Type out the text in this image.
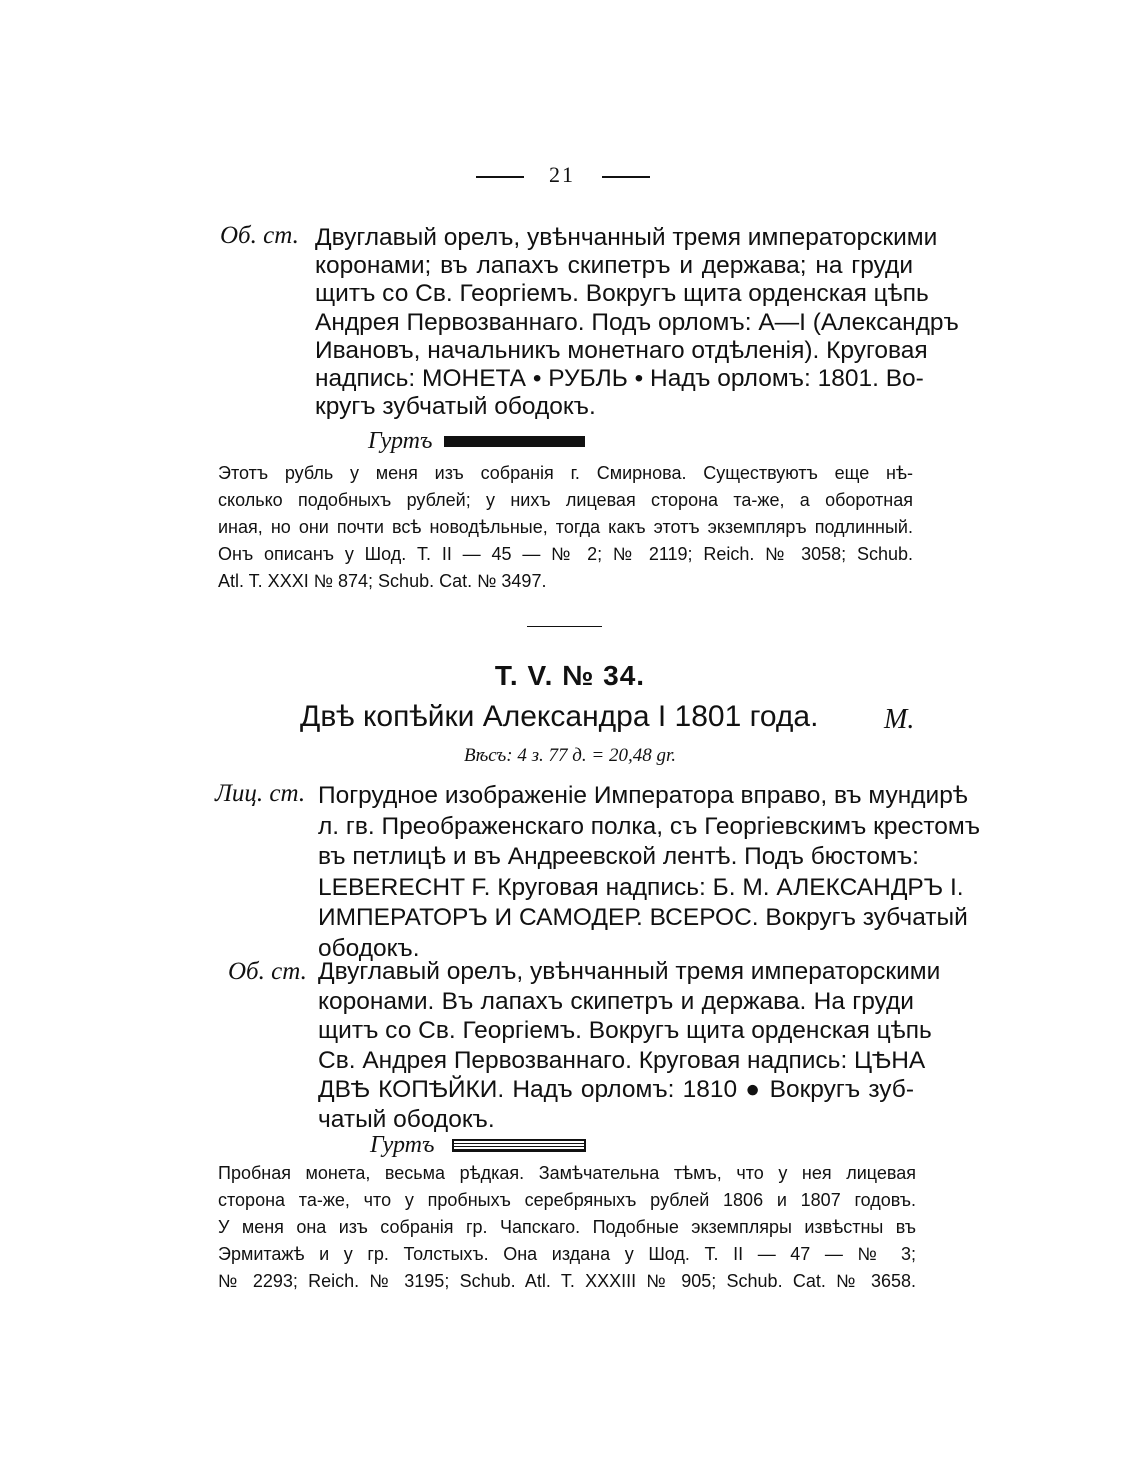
21
Об. ст. Двуглавый орелъ, увѣнчанный тремя императорскими
коронами; въ лапахъ скипетръ и держава; на груди
щитъ со Св. Георгіемъ. Вокругъ щита орденская цѣпь
Андрея Первозваннаго. Подъ орломъ: А—І (Александръ
Ивановъ, начальникъ монетнаго отдѣленія). Круговая
надпись: МОНЕТА • РУБЛЬ • Надъ орломъ: 1801. Во-
кругъ зубчатый ободокъ.
Гуртъ
Этотъ рубль у меня изъ собранія г. Смирнова. Существуютъ еще нѣ-
сколько подобныхъ рублей; у нихъ лицевая сторона та-же, а оборотная
иная, но они почти всѣ новодѣльные, тогда какъ этотъ экземпляръ подлинный.
Онъ описанъ у Шод. Т. II — 45 — № 2; № 2119; Reich. № 3058; Schub.
Atl. T. XXXI № 874; Schub. Cat. № 3497.
T. V. № 34.
Двѣ копѣйки Александра I 1801 года. М.
Вѣсъ: 4 з. 77 д. = 20,48 gr.
Лиц. ст. Погрудное изображеніе Императора вправо, въ мундирѣ
л. гв. Преображенскаго полка, съ Георгіевскимъ крестомъ
въ петлицѣ и въ Андреевской лентѣ. Подъ бюстомъ:
LEBERECHT F. Круговая надпись: Б. М. АЛЕКСАНДРЪ I.
ИМПЕРАТОРЪ И САМОДЕР. ВСЕРОС. Вокругъ зубчатый
ободокъ.
Об. ст. Двуглавый орелъ, увѣнчанный тремя императорскими
коронами. Въ лапахъ скипетръ и держава. На груди
щитъ со Св. Георгіемъ. Вокругъ щита орденская цѣпь
Св. Андрея Первозваннаго. Круговая надпись: ЦѢНА
ДВѢ КОПѢЙКИ. Надъ орломъ: 1810 ● Вокругъ зуб-
чатый ободокъ.
Гуртъ
Пробная монета, весьма рѣдкая. Замѣчательна тѣмъ, что у нея лицевая
сторона та-же, что у пробныхъ серебряныхъ рублей 1806 и 1807 годовъ.
У меня она изъ собранія гр. Чапскаго. Подобные экземпляры извѣстны въ
Эрмитажѣ и у гр. Толстыхъ. Она издана у Шод. Т. II — 47 — № 3;
№ 2293; Reich. № 3195; Schub. Atl. T. XXXIII № 905; Schub. Cat. № 3658.
